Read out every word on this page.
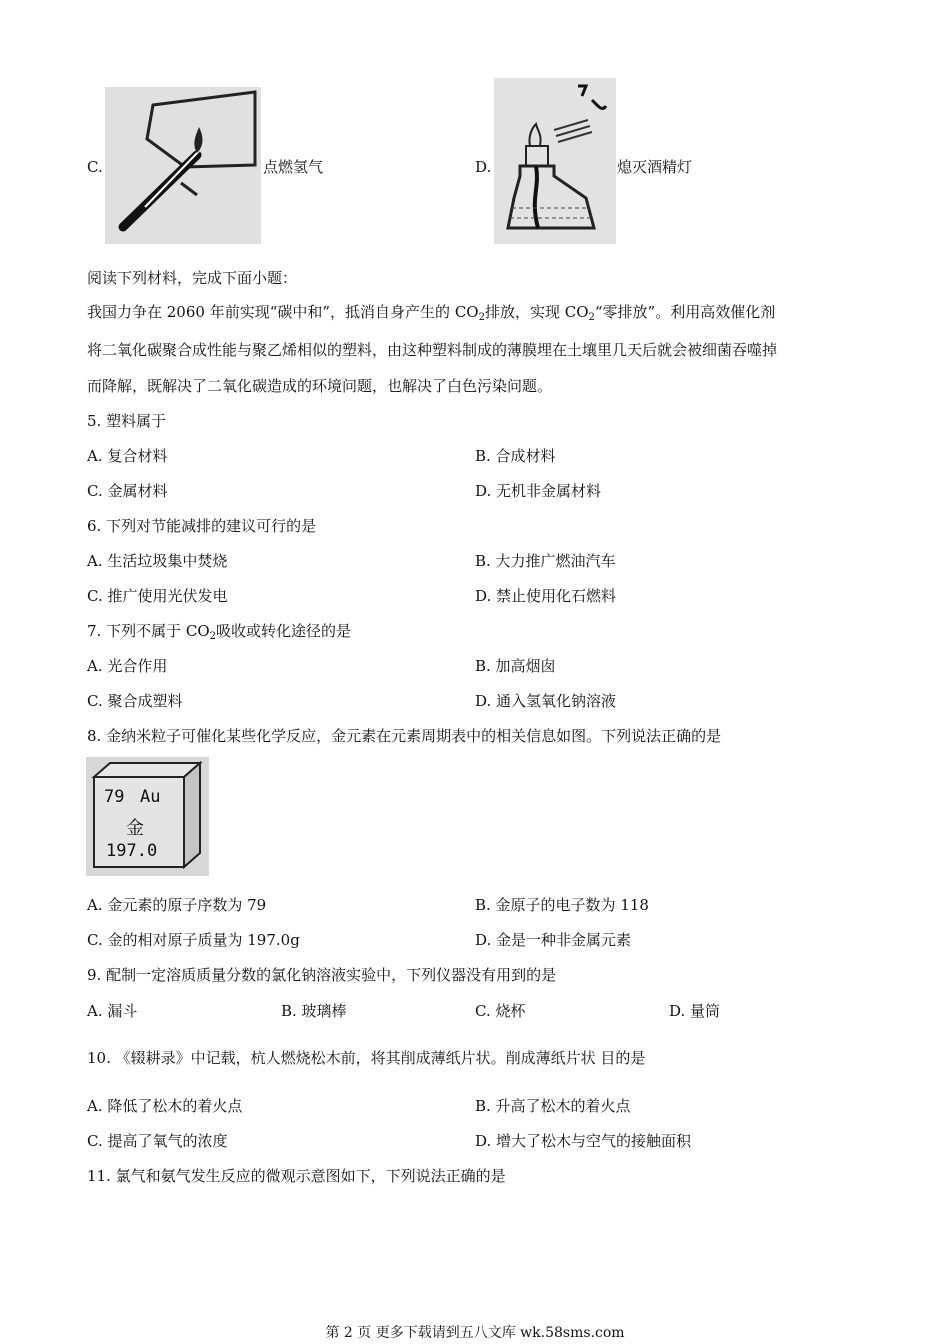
C.	点燃氢气	D.	熄灭酒精灯
阅读下列材料，完成下面小题：
我国力争在 2060 年前实现“碳中和”，抵消自身产生的 $CO_2$排放，实现 $CO_2“$零排放”。利用高效催化剂
将二氧化碳聚合成性能与聚乙烯相似的塑料，由这种塑料制成的薄膜埋在土壤里几天后就会被细菌吞噬掉
而降解，既解决了二氧化碳造成的环境问题，也解决了白色污染问题。
5. 塑料属于
A. 复合材料	B. 合成材料
C. 金属材料	D. 无机非金属材料
6. 下列对节能减排的建议可行的是
A. 生活垃圾集中焚烧	B. 大力推广燃油汽车
C. 推广使用光伏发电	D. 禁止使用化石燃料
7. 下列不属于 $CO_2$吸收或转化途径的是
A. 光合作用	B. 加高烟囱
C. 聚合成塑料	D. 通入氢氧化钠溶液
8. 金纳米粒子可催化某些化学反应，金元素在元素周期表中的相关信息如图。下列说法正确的是
79 Au
金
197.0
A. 金元素的原子序数为 79	B. 金原子的电子数为 118
C. 金的相对原子质量为 197.0g	D. 金是一种非金属元素
9. 配制一定溶质质量分数的氯化钠溶液实验中，下列仪器没有用到的是
A. 漏斗	B. 玻璃棒	C. 烧杯	D. 量筒
10. 《辍耕录》中记载，杭人燃烧松木前，将其削成薄纸片状。削成薄纸片状 目的是
A. 降低了松木的着火点	B. 升高了松木的着火点
C. 提高了氧气的浓度	D. 增大了松木与空气的接触面积
11. 氯气和氨气发生反应的微观示意图如下，下列说法正确的是
第 2 页 更多下载请到五八文库 wk.58sms.com
